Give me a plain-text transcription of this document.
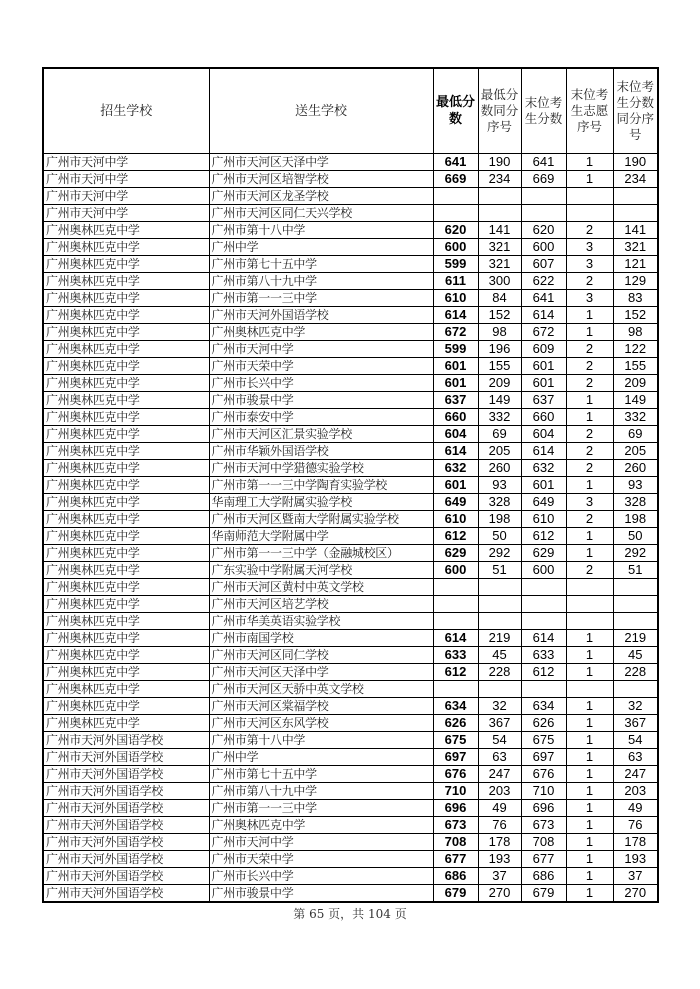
招生学校	送生学校	最低分数	最低分数同分序号	末位考生分数	末位考生志愿序号	末位考生分数同分序号
广州市天河中学	广州市天河区天泽中学	641	190	641	1	190
广州市天河中学	广州市天河区培智学校	669	234	669	1	234
广州市天河中学	广州市天河区龙圣学校					
广州市天河中学	广州市天河区同仁天兴学校					
广州奥林匹克中学	广州市第十八中学	620	141	620	2	141
广州奥林匹克中学	广州中学	600	321	600	3	321
广州奥林匹克中学	广州市第七十五中学	599	321	607	3	121
广州奥林匹克中学	广州市第八十九中学	611	300	622	2	129
广州奥林匹克中学	广州市第一一三中学	610	84	641	3	83
广州奥林匹克中学	广州市天河外国语学校	614	152	614	1	152
广州奥林匹克中学	广州奥林匹克中学	672	98	672	1	98
广州奥林匹克中学	广州市天河中学	599	196	609	2	122
广州奥林匹克中学	广州市天荣中学	601	155	601	2	155
广州奥林匹克中学	广州市长兴中学	601	209	601	2	209
广州奥林匹克中学	广州市骏景中学	637	149	637	1	149
广州奥林匹克中学	广州市泰安中学	660	332	660	1	332
广州奥林匹克中学	广州市天河区汇景实验学校	604	69	604	2	69
广州奥林匹克中学	广州市华颖外国语学校	614	205	614	2	205
广州奥林匹克中学	广州市天河中学猎德实验学校	632	260	632	2	260
广州奥林匹克中学	广州市第一一三中学陶育实验学校	601	93	601	1	93
广州奥林匹克中学	华南理工大学附属实验学校	649	328	649	3	328
广州奥林匹克中学	广州市天河区暨南大学附属实验学校	610	198	610	2	198
广州奥林匹克中学	华南师范大学附属中学	612	50	612	1	50
广州奥林匹克中学	广州市第一一三中学（金融城校区）	629	292	629	1	292
广州奥林匹克中学	广东实验中学附属天河学校	600	51	600	2	51
广州奥林匹克中学	广州市天河区黄村中英文学校					
广州奥林匹克中学	广州市天河区培艺学校					
广州奥林匹克中学	广州市华美英语实验学校					
广州奥林匹克中学	广州市南国学校	614	219	614	1	219
广州奥林匹克中学	广州市天河区同仁学校	633	45	633	1	45
广州奥林匹克中学	广州市天河区天泽中学	612	228	612	1	228
广州奥林匹克中学	广州市天河区天骄中英文学校					
广州奥林匹克中学	广州市天河区棠福学校	634	32	634	1	32
广州奥林匹克中学	广州市天河区东风学校	626	367	626	1	367
广州市天河外国语学校	广州市第十八中学	675	54	675	1	54
广州市天河外国语学校	广州中学	697	63	697	1	63
广州市天河外国语学校	广州市第七十五中学	676	247	676	1	247
广州市天河外国语学校	广州市第八十九中学	710	203	710	1	203
广州市天河外国语学校	广州市第一一三中学	696	49	696	1	49
广州市天河外国语学校	广州奥林匹克中学	673	76	673	1	76
广州市天河外国语学校	广州市天河中学	708	178	708	1	178
广州市天河外国语学校	广州市天荣中学	677	193	677	1	193
广州市天河外国语学校	广州市长兴中学	686	37	686	1	37
广州市天河外国语学校	广州市骏景中学	679	270	679	1	270
第 65 页，共 104 页
